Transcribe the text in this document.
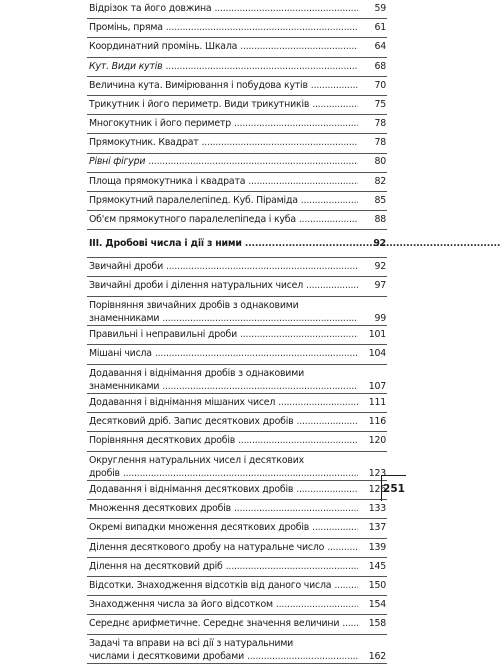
Відрізок та його довжина .....	59
Промінь, пряма .....	61
Координатний промінь. Шкала .....	64
Кут. Види кутів .....	68
Величина кута. Вимірювання і побудова кутів .....	70
Трикутник і його периметр. Види трикутників .....	75
Многокутник і його периметр .....	78
Прямокутник. Квадрат .....	78
Рівні фігури .....	80
Площа прямокутника і квадрата .....	82
Прямокутний паралелепіпед. Куб. Піраміда .....	85
Об'єм прямокутного паралелепіпеда і куба .....	88
ІІІ. Дробові числа і дії з ними .....	92
Звичайні дроби .....	92
Звичайні дроби і ділення натуральних чисел .....	97
Порівняння звичайних дробів з однаковими
знаменниками .....	99
Правильні і неправильні дроби .....	101
Мішані числа .....	104
Додавання і віднімання дробів з однаковими
знаменниками .....	107
Додавання і віднімання мішаних чисел .....	111
Десятковий дріб. Запис десяткових дробів .....	116
Порівняння десяткових дробів .....	120
Округлення натуральних чисел і десяткових
дробів .....	123
Додавання і віднімання десяткових дробів .....	126
Множення десяткових дробів .....	133
Окремі випадки множення десяткових дробів .....	137
Ділення десяткового дробу на натуральне число .....	139
Ділення на десятковий дріб .....	145
Відсотки. Знаходження відсотків від даного числа .....	150
Знаходження числа за його відсотком .....	154
Середнє арифметичне. Середнє значення величини .....	158
Задачі та вправи на всі дії з натуральними
числами і десятковими дробами .....	162
251
